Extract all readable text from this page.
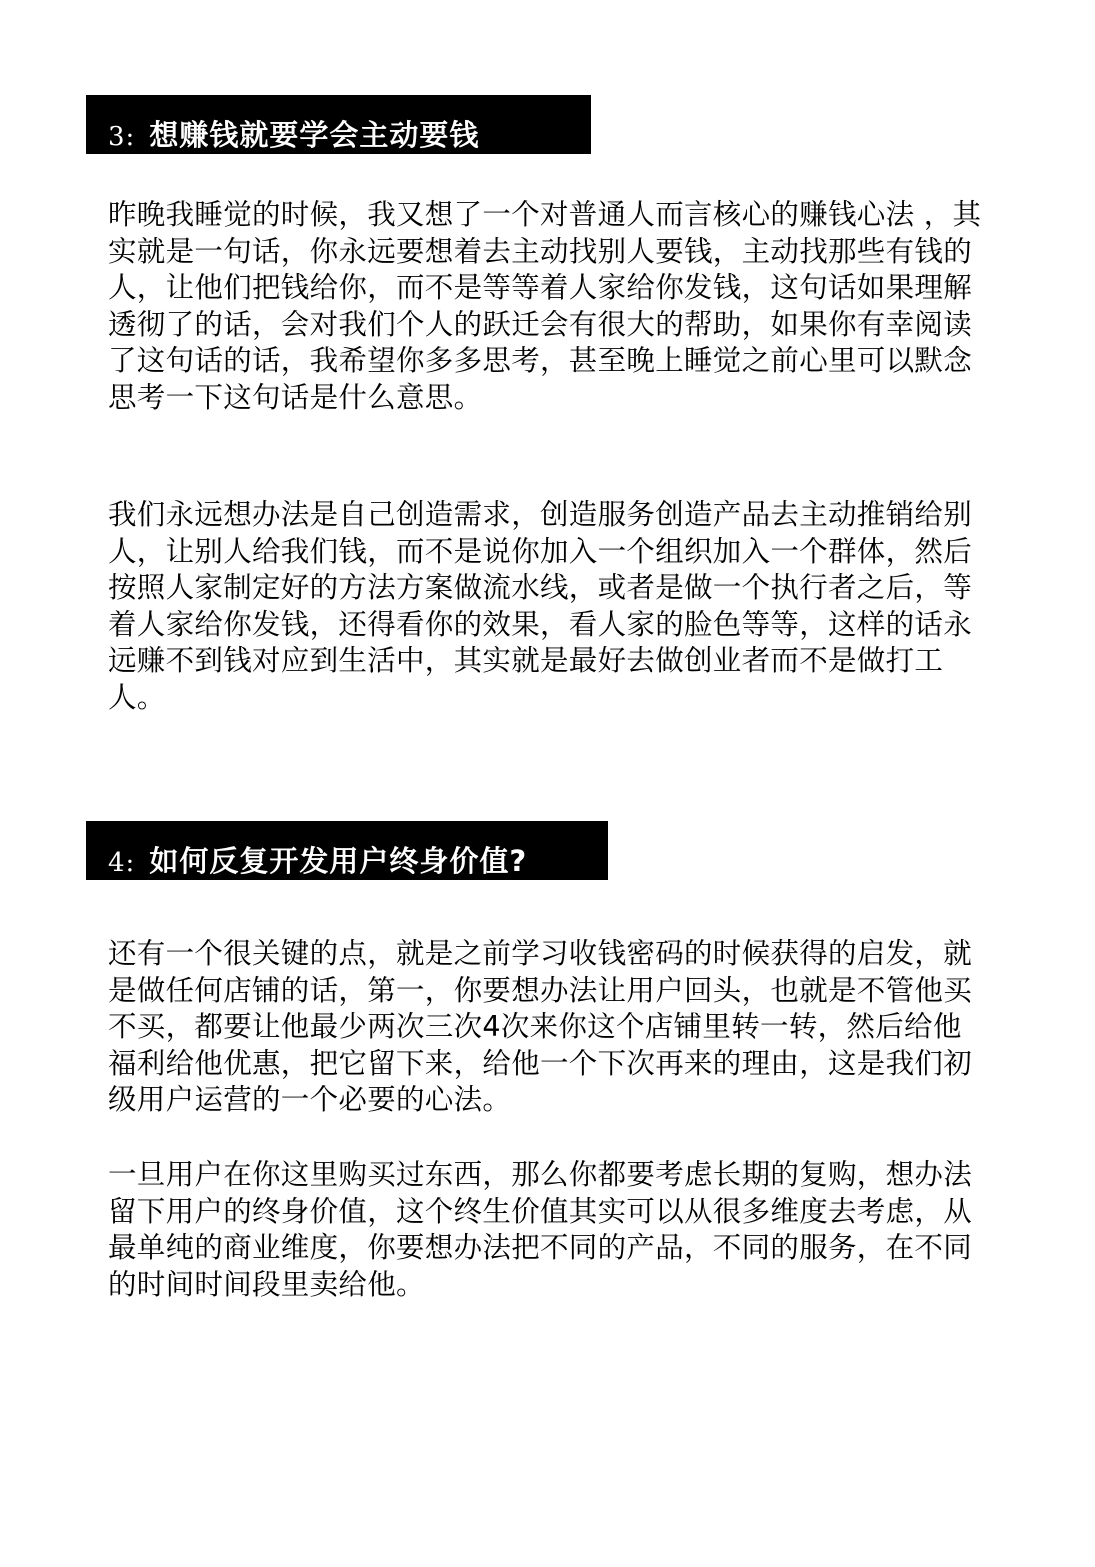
3: 想赚钱就要学会主动要钱

昨晚我睡觉的时候，我又想了一个对普通人而言核心的赚钱心法 ，其实就是一句话，你永远要想着去主动找别人要钱，主动找那些有钱的人，让他们把钱给你，而不是等等着人家给你发钱，这句话如果理解透彻了的话，会对我们个人的跃迁会有很大的帮助，如果你有幸阅读了这句话的话，我希望你多多思考，甚至晚上睡觉之前心里可以默念思考一下这句话是什么意思。

我们永远想办法是自己创造需求，创造服务创造产品去主动推销给别人，让别人给我们钱，而不是说你加入一个组织加入一个群体，然后按照人家制定好的方法方案做流水线，或者是做一个执行者之后，等着人家给你发钱，还得看你的效果，看人家的脸色等等，这样的话永远赚不到钱对应到生活中，其实就是最好去做创业者而不是做打工人。

4: 如何反复开发用户终身价值?

还有一个很关键的点，就是之前学习收钱密码的时候获得的启发，就是做任何店铺的话，第一，你要想办法让用户回头，也就是不管他买不买，都要让他最少两次三次4次来你这个店铺里转一转，然后给他福利给他优惠，把它留下来，给他一个下次再来的理由，这是我们初级用户运营的一个必要的心法。

一旦用户在你这里购买过东西，那么你都要考虑长期的复购，想办法留下用户的终身价值，这个终生价值其实可以从很多维度去考虑，从最单纯的商业维度，你要想办法把不同的产品，不同的服务，在不同的时间时间段里卖给他。
